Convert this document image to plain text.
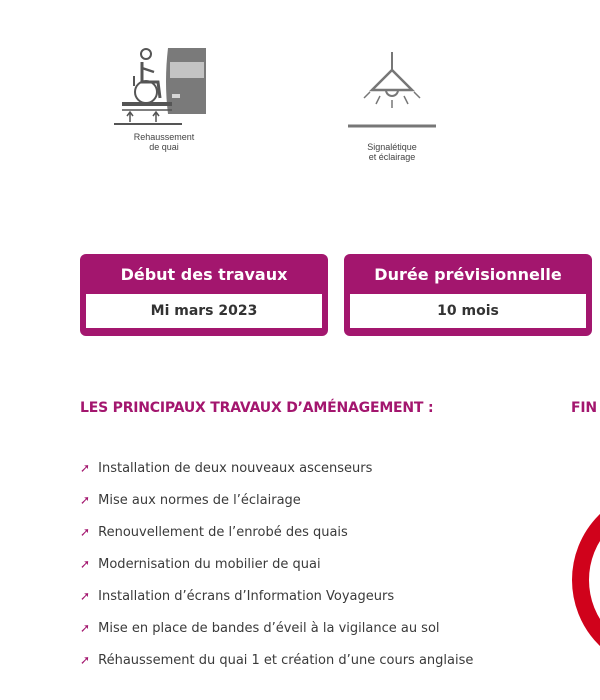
Rehaussement
de quai	Signalétique
et éclairage
Début des travaux
Mi mars 2023
Durée prévisionnelle
10 mois
LES PRINCIPAUX TRAVAUX D’AMÉNAGEMENT :	FIN
➚ Installation de deux nouveaux ascenseurs
➚ Mise aux normes de l’éclairage
➚ Renouvellement de l’enrobé des quais
➚ Modernisation du mobilier de quai
➚ Installation d’écrans d’Information Voyageurs
➚ Mise en place de bandes d’éveil à la vigilance au sol
➚ Réhaussement du quai 1 et création d’une cours anglaise
